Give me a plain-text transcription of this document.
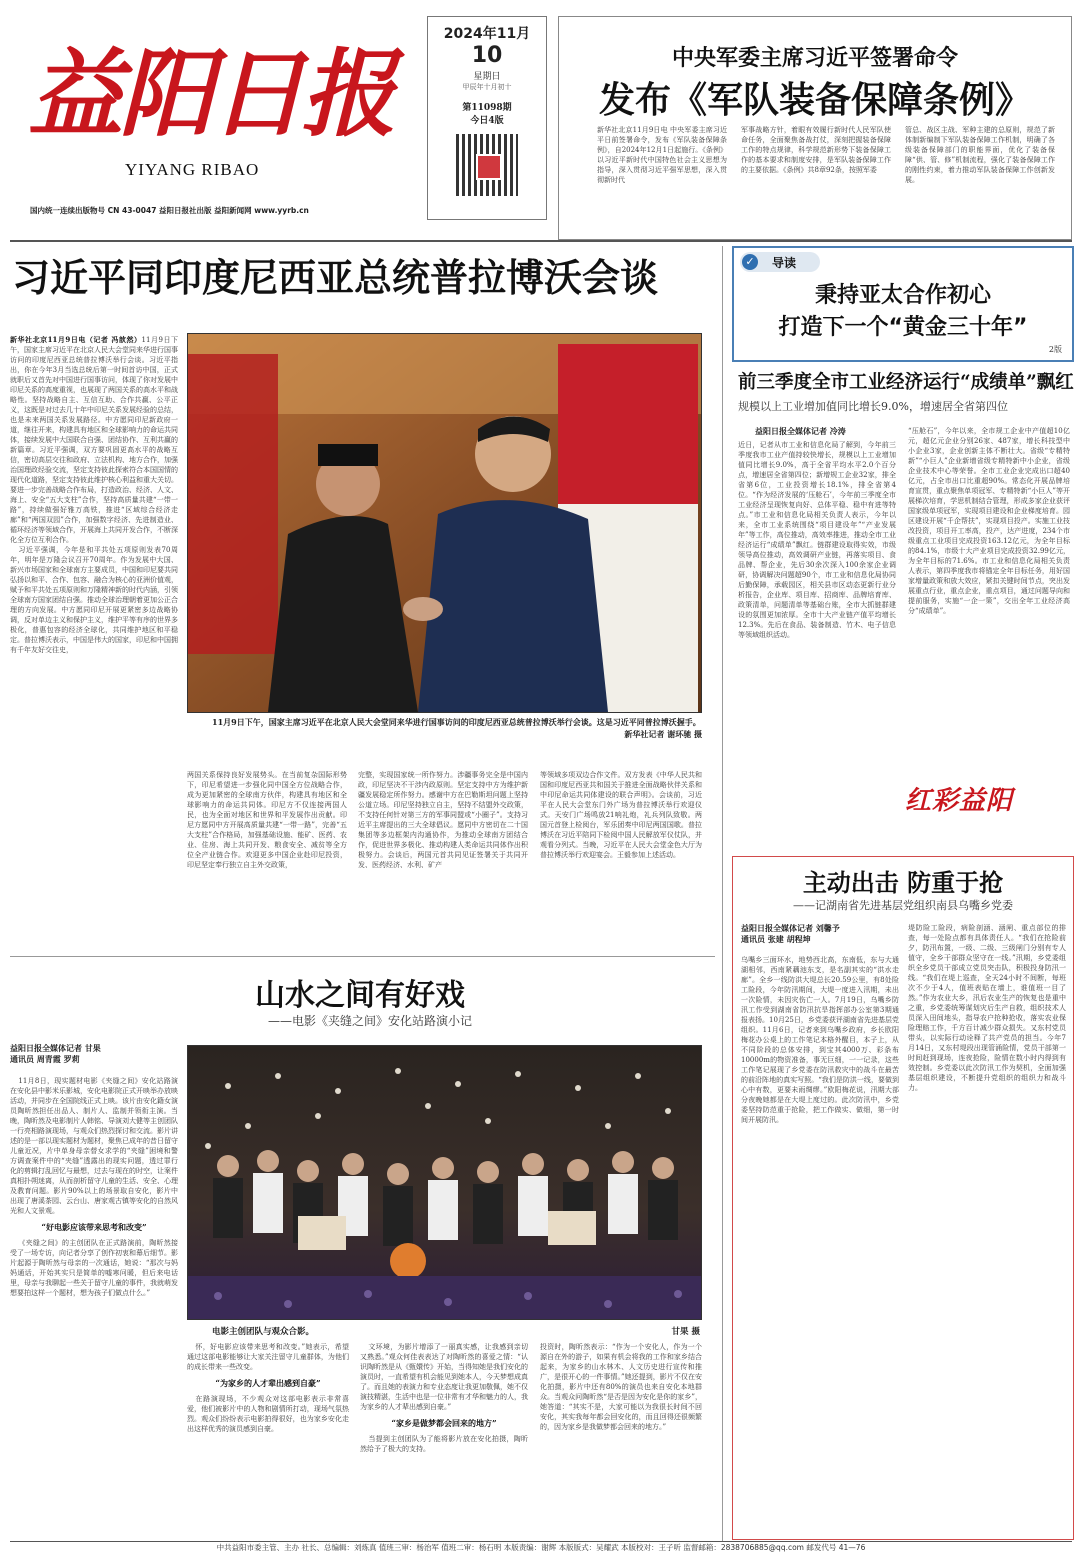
益阳日报
YIYANG RIBAO
2024年11月
10
星期日
甲辰年十月初十
第11098期
今日4版
国内统一连续出版物号 CN 43-0047 益阳日报社出版 益阳新闻网 www.yyrb.cn
中央军委主席习近平签署命令
发布《军队装备保障条例》
新华社北京11月9日电 中央军委主席习近平日前签署命令，发布《军队装备保障条例》，自2024年12月1日起施行。《条例》以习近平新时代中国特色社会主义思想为指导，深入贯彻习近平强军思想，深入贯彻新时代
军事战略方针，着眼有效履行新时代人民军队使命任务，全面聚焦备战打仗，深刻把握装备保障工作的特点规律，科学规范新形势下装备保障工作的基本要求和制度安排，是军队装备保障工作的主要依据。《条例》共8章92条，按照军委
管总、战区主战、军种主建的总原则，规范了新体制新编制下军队装备保障工作机制，明确了各级装备保障部门的职能界面，优化了装备保障“供、管、修”机制流程，强化了装备保障工作的刚性约束，着力推动军队装备保障工作创新发展。
习近平同印度尼西亚总统普拉博沃会谈
新华社北京11月9日电（记者 冯歆然）11月9日下午，国家主席习近平在北京人民大会堂同来华进行国事访问的印度尼西亚总统普拉博沃举行会谈。习近平指出，你在今年3月当选总统后第一时间首访中国，正式就职后又首先对中国进行国事访问，体现了你对发展中印尼关系的高度重视，也展现了两国关系的高水平和战略性。坚持战略自主、互信互助、合作共赢、公平正义，这既是对过去几十年中印尼关系发展经验的总结，也是未来两国关系发展路径。中方愿同印尼新政府一道，继往开来，构建具有地区和全球影响力的命运共同体，接续发展中大国联合自强、团结协作、互利共赢的新篇章。习近平强调，双方要巩固更高水平的战略互信，密切高层交往和政府、立法机构、地方合作，加强治国理政经验交流，坚定支持彼此探索符合本国国情的现代化道路，坚定支持彼此维护核心利益和重大关切。要进一步完善战略合作布局，打造政治、经济、人文、海上、安全“五大支柱”合作，坚持高质量共建“一带一路”，持续做强好雅万高铁，推进“区域综合经济走廊”和“两国双园”合作，加强数字经济、先进制造业、循环经济等领域合作，开展海上共同开发合作，不断深化全方位互利合作。

习近平强调，今年是和平共处五项原则发表70周年，明年是万隆会议召开70周年。作为发展中大国、新兴市场国家和全球南方主要成员，中国和印尼要共同弘扬以和平、合作、包容、融合为核心的亚洲价值观，赋予和平共处五项原则和万隆精神新的时代内涵，引领全球南方国家团结自强。推动全球治理朝着更加公正合理的方向发展。中方愿同印尼开展更紧密多边战略协调，反对单边主义和保护主义，维护平等有序的世界多极化，普惠包容的经济全球化，共同维护地区和平稳定。普拉博沃表示，中国是伟大的国家，印尼和中国拥有千年友好交往史，

11月9日下午，国家主席习近平在北京人民大会堂同来华进行国事访问的印度尼西亚总统普拉博沃举行会谈。这是习近平同普拉博沃握手。
新华社记者 谢环驰 摄
两国关系保持良好发展势头。在当前复杂国际形势下，印尼希望进一步强化同中国全方位战略合作，成为更加紧密的全球南方伙伴，构建具有地区和全球影响力的命运共同体。印尼方不仅连接两国人民，也为全面对地区和世界和平发展作出贡献。印尼方愿同中方开展高质量共建“一带一路”，完善“五大支柱”合作格局，加强基础设施、能矿、医药、农业、住房、海上共同开发、粮食安全、减贫等全方位全产业链合作。欢迎更多中国企业赴印尼投资，印尼坚定奉行独立自主外交政策，
完整，实现国家统一所作努力。涉疆事务完全是中国内政，印尼坚决不干涉内政原则。坚定支持中方为维护新疆发展稳定所作努力。感谢中方在巴勒斯坦问题上坚持公道立场。印尼坚持独立自主，坚持不结盟外交政策，不支持任何针对第三方的军事同盟或“小圈子”。支持习近平主席提出的三大全球倡议。愿同中方密切在二十国集团等多边框架内沟通协作，为推动全球南方团结合作，促进世界多极化、推动构建人类命运共同体作出积极努力。会谈后，两国元首共同见证签署关于共同开发、医药经济、水利、矿产
等领域多项双边合作文件。双方发表《中华人民共和国和印度尼西亚共和国关于推进全面战略伙伴关系和中印尼命运共同体建设的联合声明》。会谈前，习近平在人民大会堂东门外广场为普拉博沃举行欢迎仪式。天安门广场鸣放21响礼炮，礼兵列队致敬。两国元首登上检阅台，军乐团奏中印尼两国国歌。普拉博沃在习近平陪同下检阅中国人民解放军仪仗队，并观看分列式。当晚，习近平在人民大会堂金色大厅为普拉博沃举行欢迎宴会。王毅参加上述活动。
✓ 导读
秉持亚太合作初心
打造下一个“黄金三十年”
2版
前三季度全市工业经济运行“成绩单”飘红
规模以上工业增加值同比增长9.0%，增速居全省第四位
益阳日报全媒体记者 冷涛
近日，记者从市工业和信息化局了解到，今年前三季度我市工业产值持较快增长，规模以上工业增加值同比增长9.0%，高于全省平均水平2.0个百分点，增速居全省第四位；新增规工企业32家，排全省第6位，工业投资增长18.1%，排全省第4位。“作为经济发展的‘压舱石’，今年前三季度全市工业经济呈现恢复向好、总体平稳、稳中有进等特点。”市工业和信息化局相关负责人表示，今年以来，全市工业系统围绕“项目建设年”“产业发展年”等工作，高位推动，高效率推进，推动全市工业经济运行“成绩单”飘红。链群建设取得实效，市级领导高位推动，高效调研产业链，再落实项目、食品牌、帮企业，先后30余次深入100余家企业调研，协调解决问题超90个，市工业和信息化局协同后勤保障，承载园区，相关县市区动态更新行业分析报告，企业库、项目库、招商库、品牌培育库、政策清单，问题清单等基础台账，全市大抓链群建设的氛围更加浓厚。全市十大产业链产值平均增长12.3%。先后在食品、装备制造、竹木、电子信息等领域组织活动。
“压舱石”，今年以来，全市规工企业中产值超10亿元，超亿元企业分别26家、487家，增长科技型中小企业3家，企业创新主体不断壮大。省级“专精特新”“小巨人”企业新增省级专精特新中小企业，省级企业技术中心等荣誉。全市工业企业完成出口超40亿元，占全市出口比重超90%。常态化开展品牌培育宣贯，重点聚焦单项冠军、专精特新“小巨人”等开展梯次培育，学思机制结合管理，形成多家企业获评国家级单项冠军，实现项目建设和企业梯度培育。园区建设开展“千企帮扶”，实现项目投产。实施工业技改投资，项目开工率高，投产，达产进度，234个市级重点工业项目完成投资163.12亿元，为全年目标的84.1%，市级十大产业项目完成投资32.99亿元，为全年目标的71.6%。市工业和信息化局相关负责人表示，第四季度我市将锚定全年目标任务，用好国家增量政策和放大效应，紧扣关键时间节点，突出发展重点行业，重点企业，重点项目，通过问题导向和提前服务，实施“一企一策”，交出全年工业经济高分“成绩单”。
红彩益阳
主动出击 防重于抢
——记湖南省先进基层党组织南县乌嘴乡党委
益阳日报全媒体记者 刘馨予
通讯员 张建 胡程坤
乌嘴乡三面环水，地势西北高，东南低，东与大通湖相邻，西南紧藕池东支，是名副其实的“洪水走廊”。全乡一线防洪大堤总长20.59公里，有8处险工险段，今年防汛期间，大堤一度进入汛期，未出一次险情，未因灾伤亡一人。7月19日，乌嘴乡防汛工作受到湖南省防汛抗旱指挥部办公室第3期通报表扬。10月25日，乡党委获评湖南省先进基层党组织。11月6日，记者来到乌嘴乡政府，乡长欧阳梅花办公桌上的工作笔记本格外醒目，本子上，从不同阶段的总体安排，到宝其4000万、彩条布10000m的物资准备，事无巨细，一一记录，这些工作笔记展现了乡党委在防汛救灾中的战斗在最苦的前沿阵地的真实写照。“我们是防洪一线，要做到心中有数，更要未雨绸缪。”欧阳梅花说，汛期大部分夜晚她都是在大堤上度过的。此次防汛中，乡党委坚持防范重于抢险，把工作做实、做细，第一时间开展防汛。
堤防险工险段，病险剖涵、涵闸、重点部位的排查，每一处险点都有具体责任人。“我们在抢险前夕，防汛布置，一级、二级、三级闸门分别有专人值守，全乡干部群众坚守在一线。”汛期，乡党委组织全乡党员干部成立党员突击队，积极投身防汛一线。“我们在堤上巡查，全天24小时不间断，每班次不少于4人，值班表贴在墙上，谁值班一目了然。”作为农业大乡，汛后农业生产的恢复也是重中之重，乡党委统筹谋划灾后生产自救，组织技术人员深入田间地头，指导农户抢种抢收，落实农业保险理赔工作，千方百计减少群众损失。又东村党员带头，以实际行动诠释了共产党员的担当。今年7月14日，又东村堤段出现管涌险情，党员干部第一时间赶到现场，连夜抢险，险情在数小时内得到有效控制。乡党委以此次防汛工作为契机，全面加强基层组织建设，不断提升党组织的组织力和战斗力。
山水之间有好戏
——电影《夹缝之间》安化站路演小记
益阳日报全媒体记者 甘果
通讯员 周青霞 罗莉

11月8日，现实题材电影《夹缝之间》安化站路演在安化县中影米乐影城，安化电影院正式开映举办放映活动，并同步在全国院线正式上映。该片由安化籍女演员陶昕然担任出品人、制片人、监制并领衔主演。当晚，陶昕然及电影制片人韩铭、导演刘大健等主创团队一行亮相路演现场，与观众们热烈探讨和交流。影片讲述的是一部以现实题材为题材，聚焦已成年的昔日留守儿童近况，片中单身母亲替女求学的“夹缝”困境和警方调查案件中的“夹缝”透露出的现实问题，透过罪行化的剪辑打乱回忆与最想，过去与现在的时空，让案件真相扑朔迷离，从而剖析留守儿童的生活、安全、心理及教育问题。影片90%以上的场景取自安化，影片中出现了唐溪茶园、云台山、唐家观古镇等安化的自然风光和人文景观。

“好电影应该带来思考和改变”

《夹缝之间》的主创团队在正式路演前，陶昕然接受了一场专访，向记者分享了创作初衷和幕后细节。影片起源于陶昕然与母亲的一次通话，她说：“那次与妈妈通话，开始其实只是简单的嘘寒问暖，但后来电话里，母亲与我聊起一些关于留守儿童的事件，我就萌发想要拍这样一个题材，想为孩子们做点什么。”

电影主创团队与观众合影。	甘果 摄

怀，好电影应该带来思考和改变。”她表示，希望通过这部电影能够让大家关注留守儿童群体，为他们的成长带来一些改变。

“为家乡的人才辈出感到自豪”

在路演现场，不少观众对这部电影表示非常喜爱，他们被影片中的人物和剧情所打动，现场气氛热烈。观众们纷纷表示电影拍得很好，也为家乡安化走出这样优秀的演员感到自豪。

文环境，为影片增添了一丽真实感，让我感到亲切又熟悉。”观众何佳表表达了对陶昕然的喜爱之情：“认识陶昕然是从《甄嬛传》开始，当得知她是我们安化的演员时，一直希望有机会能见到她本人，今天梦想成真了。而且她的表演力和专业态度让我更加敬佩，她不仅演技精湛，生活中也是一位非常有才华和魅力的人，我为家乡的人才辈出感到自豪。”

“家乡是做梦都会回来的地方”

当提到主创团队为了能将影片放在安化拍摄，陶昕然给予了极大的支持。

投资时，陶昕然表示：“作为一个安化人，作为一个源自在外的游子，如果有机会将我的工作和家乡结合起来，为家乡的山水林木、人文历史进行宣传和推广，是很开心的一件事情。”她还提到，影片不仅在安化拍摄，影片中还有80%的演员也来自安化本地群众。当观众问陶昕然“是否是因为安化是你的家乡”，她答道：“其实不是，大家可能以为我很长时间不回安化，其实我每年都会回安化的，而且回得还很频繁的，因为家乡是我做梦都会回来的地方。”
中共益阳市委主管、主办 社长、总编辑：刘炼真 值班三审：杨治军 值班二审：杨石明 本版责编：谢辉 本版版式：吴耀武 本版校对：王子听 监督邮箱：2838706885@qq.com 邮发代号 41—76
